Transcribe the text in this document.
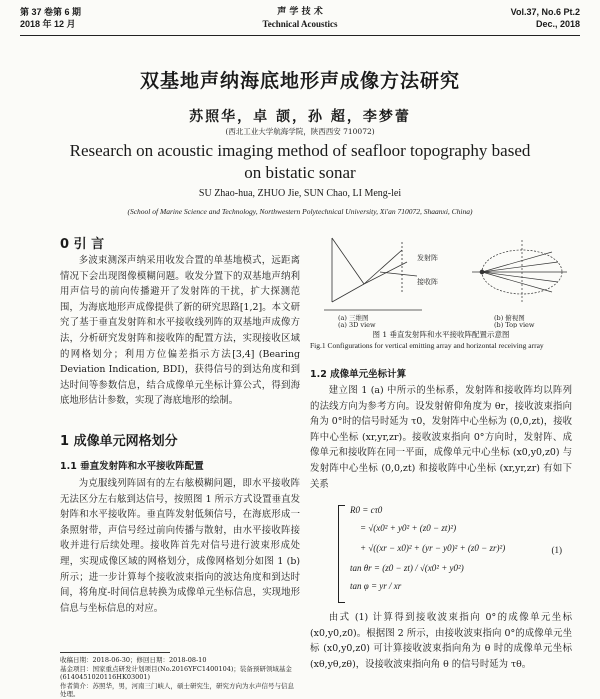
第 37 卷第 6 期
2018 年 12 月
声 学 技 术
Technical Acoustics
Vol.37, No.6 Pt.2
Dec., 2018
双基地声纳海底地形声成像方法研究
苏照华，卓 颉，孙 超，李梦蕾
(西北工业大学航海学院，陕西西安 710072)
Research on acoustic imaging method of seafloor topography based on bistatic sonar
SU Zhao-hua, ZHUO Jie, SUN Chao, LI Meng-lei
(School of Marine Science and Technology, Northwestern Polytechnical University, Xi'an 710072, Shaanxi, China)
0 引 言

多波束测深声纳采用收发合置的单基地模式，远距离情况下会出现图像模糊问题。收发分置下的双基地声纳利用声信号的前向传播避开了发射阵的干扰，扩大探测范围，为海底地形声成像提供了新的研究思路[1,2]。本文研究了基于垂直发射阵和水平接收线列阵的双基地声成像方法，分析研究发射阵和接收阵的配置方法，实现接收区域的网格划分；利用方位偏差指示方法[3,4] (Bearing Deviation Indication, BDI)，获得信号的到达角度和到达时间等参数信息，结合成像单元坐标计算公式，得到海底地形估计参数，实现了海底地形的绘制。

1 成像单元网格划分
1.1 垂直发射阵和水平接收阵配置

为克服线列阵固有的左右舷模糊问题，即水平接收阵无法区分左右舷到达信号，按照图 1 所示方式设置垂直发射阵和水平接收阵。垂直阵发射低频信号，在海底形成一条照射带，声信号经过前向传播与散射，由水平接收阵接收并进行后续处理。接收阵首先对信号进行波束形成处理，实现成像区域的网格划分，成像网格划分如图 1 (b) 所示；进一步计算每个接收波束指向的波达角度和到达时间，将角度-时间信息转换为成像单元坐标信息，实现地形信息与坐标信息的对应。

收稿日期：2018-06-30；修回日期：2018-08-10
基金项目：国家重点研发计划项目(No.2016YFC1400104)；装备预研领域基金(6140451020116HK03001)
作者简介：苏照华，男，河南三门峡人，硕士研究生，研究方向为水声信号与信息处理。
发射阵
接收阵
(a) 三维图
(a) 3D view
(b) 俯视图
(b) Top view
图 1 垂直发射阵和水平接收阵配置示意图
Fig.1 Configurations for vertical emitting array and horizontal receiving array
1.2 成像单元坐标计算

建立图 1 (a) 中所示的坐标系，发射阵和接收阵均以阵列的法线方向为参考方向。设发射俯仰角度为 θr，接收波束指向角为 0°时的信号时延为 τ0，发射阵中心坐标为 (0,0,zt)，接收阵中心坐标 (xr,yr,zr)。接收波束指向 0°方向时，发射阵、成像单元和接收阵在同一平面，成像单元中心坐标 (x0,y0,z0) 与发射阵中心坐标 (0,0,zt) 和接收阵中心坐标 (xr,yr,zr) 有如下关系

R0 = cτ0
= √(x0² + y0² + (z0 − zt)²)
+ √((xr − x0)² + (yr − y0)² + (z0 − zr)²)
tan θr = (z0 − zt) / √(x0² + y0²)
tan φ = yr / xr
(1)

由式 (1) 计算得到接收波束指向 0°的成像单元坐标 (x0,y0,z0)。根据图 2 所示，由接收波束指向 0°的成像单元坐标 (x0,y0,z0) 可计算接收波束指向角为 θ 时的成像单元坐标 (xθ,yθ,zθ)，设接收波束指向角 θ 的信号时延为 τθ。
